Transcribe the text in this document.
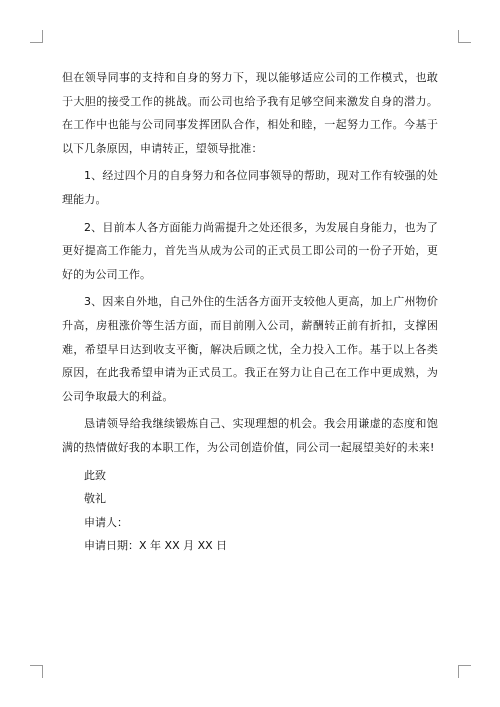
但在领导同事的支持和自身的努力下，现以能够适应公司的工作模式，也敢于大胆的接受工作的挑战。而公司也给予我有足够空间来激发自身的潜力。在工作中也能与公司同事发挥团队合作，相处和睦，一起努力工作。今基于以下几条原因，申请转正，望领导批准：

1、经过四个月的自身努力和各位同事领导的帮助，现对工作有较强的处理能力。

2、目前本人各方面能力尚需提升之处还很多，为发展自身能力，也为了更好提高工作能力，首先当从成为公司的正式员工即公司的一份子开始，更好的为公司工作。

3、因来自外地，自己外住的生活各方面开支较他人更高，加上广州物价升高，房租涨价等生活方面，而目前刚入公司，薪酬转正前有折扣，支撑困难，希望早日达到收支平衡，解决后顾之忧，全力投入工作。基于以上各类原因，在此我希望申请为正式员工。我正在努力让自己在工作中更成熟，为公司争取最大的利益。

恳请领导给我继续锻炼自己、实现理想的机会。我会用谦虚的态度和饱满的热情做好我的本职工作，为公司创造价值，同公司一起展望美好的未来!

此致
敬礼
申请人：
申请日期：X 年 XX 月 XX 日
